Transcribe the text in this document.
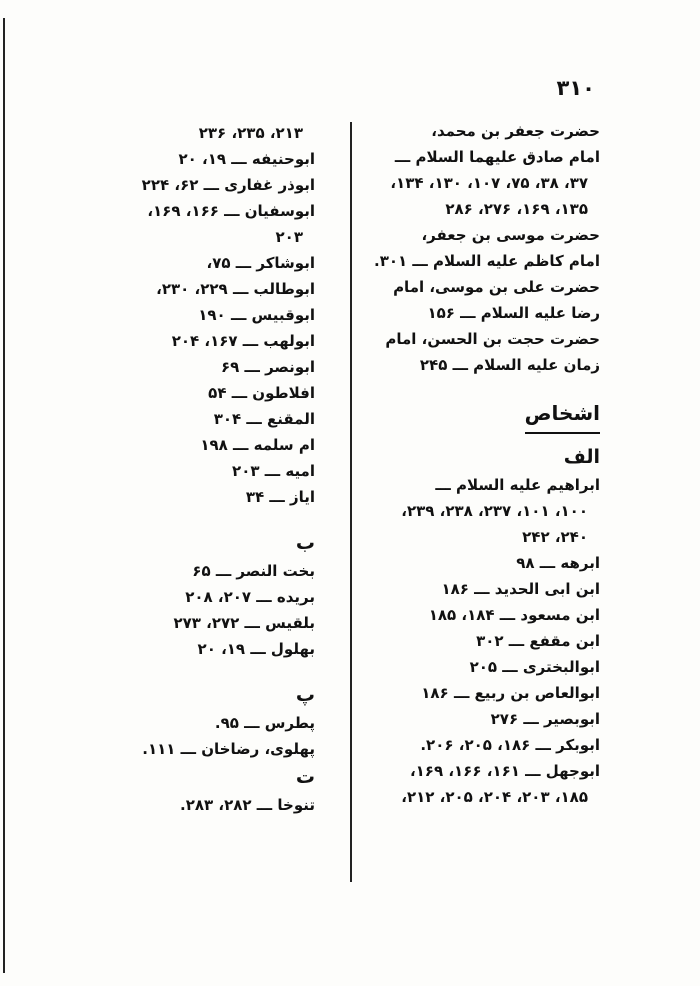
۳۱۰
حضرت جعفر بن محمد،
امام صادق علیهما السلام ـــ
۳۷، ۳۸، ۷۵، ۱۰۷، ۱۳۰، ۱۳۴،
۱۳۵، ۱۶۹، ۲۷۶، ۲۸۶
حضرت موسی بن جعفر،
امام کاظم علیه السلام ـــ ۳۰۱.
حضرت علی بن موسی، امام
رضا علیه السلام ـــ ۱۵۶
حضرت حجت بن الحسن، امام
زمان علیه السلام ـــ ۲۴۵
اشخاص
الف
ابراهیم علیه السلام ـــ
۱۰۰، ۱۰۱، ۲۳۷، ۲۳۸، ۲۳۹،
۲۴۰، ۲۴۲
ابرهه ـــ ۹۸
ابن ابی الحدید ـــ ۱۸۶
ابن مسعود ـــ ۱۸۴، ۱۸۵
ابن مقفع ـــ ۳۰۲
ابوالبختری ـــ ۲۰۵
ابوالعاص بن ربیع ـــ ۱۸۶
ابوبصیر ـــ ۲۷۶
ابوبکر ـــ ۱۸۶، ۲۰۵، ۲۰۶.
ابوجهل ـــ ۱۶۱، ۱۶۶، ۱۶۹،
۱۸۵، ۲۰۳، ۲۰۴، ۲۰۵، ۲۱۲،
۲۱۳، ۲۳۵، ۲۳۶
ابوحنیفه ـــ ۱۹، ۲۰
ابوذر غفاری ـــ ۶۲، ۲۲۴
ابوسفیان ـــ ۱۶۶، ۱۶۹،
۲۰۳
ابوشاکر ـــ ۷۵،
ابوطالب ـــ ۲۲۹، ۲۳۰،
ابوقبیس ـــ ۱۹۰
ابولهب ـــ ۱۶۷، ۲۰۴
ابونصر ـــ ۶۹
افلاطون ـــ ۵۴
المقنع ـــ ۳۰۴
ام سلمه ـــ ۱۹۸
امیه ـــ ۲۰۳
ایاز ـــ ۳۴
ب
بخت النصر ـــ ۶۵
بریده ـــ ۲۰۷، ۲۰۸
بلقیس ـــ ۲۷۲، ۲۷۳
بهلول ـــ ۱۹، ۲۰
پ
پطرس ـــ ۹۵.
پهلوی، رضاخان ـــ ۱۱۱.
ت
تنوخا ـــ ۲۸۲، ۲۸۳.
